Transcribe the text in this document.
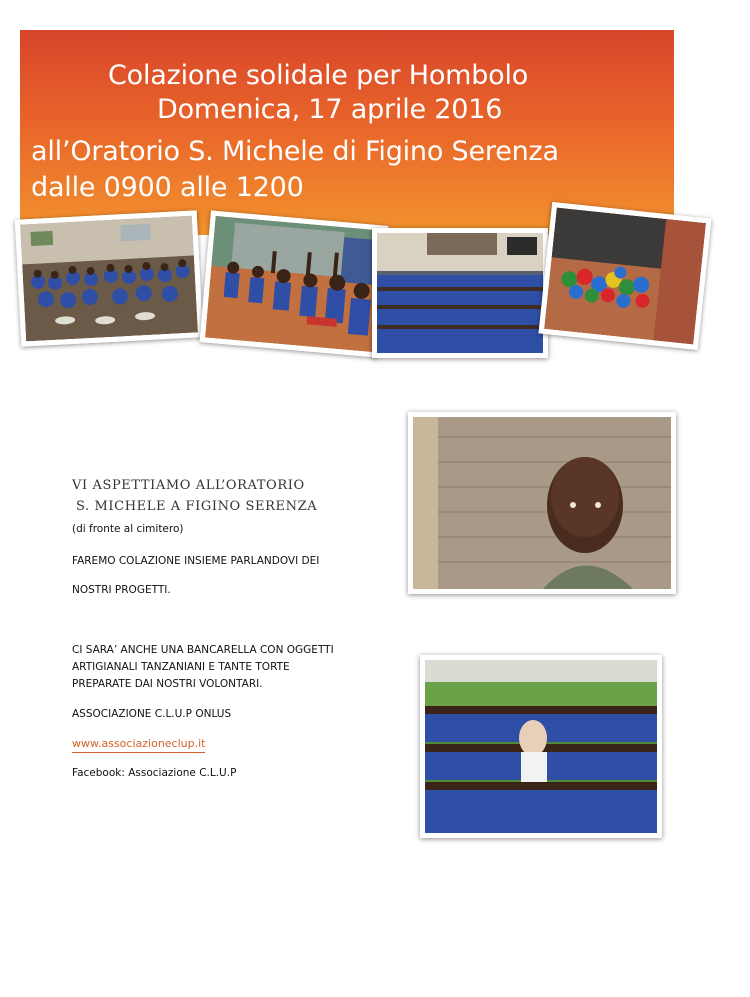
Colazione solidale per Hombolo
Domenica, 17 aprile 2016
all’Oratorio S. Michele di Figino Serenza
dalle 0900 alle 1200
VI ASPETTIAMO ALL’ORATORIO
S. MICHELE A FIGINO SERENZA
(di fronte al cimitero)
FAREMO COLAZIONE INSIEME PARLANDOVI DEI
NOSTRI PROGETTI.
CI SARA’ ANCHE UNA BANCARELLA CON OGGETTI
ARTIGIANALI TANZANIANI E TANTE TORTE
PREPARATE DAI NOSTRI VOLONTARI.
ASSOCIAZIONE C.L.U.P ONLUS
www.associazioneclup.it
Facebook: Associazione C.L.U.P
